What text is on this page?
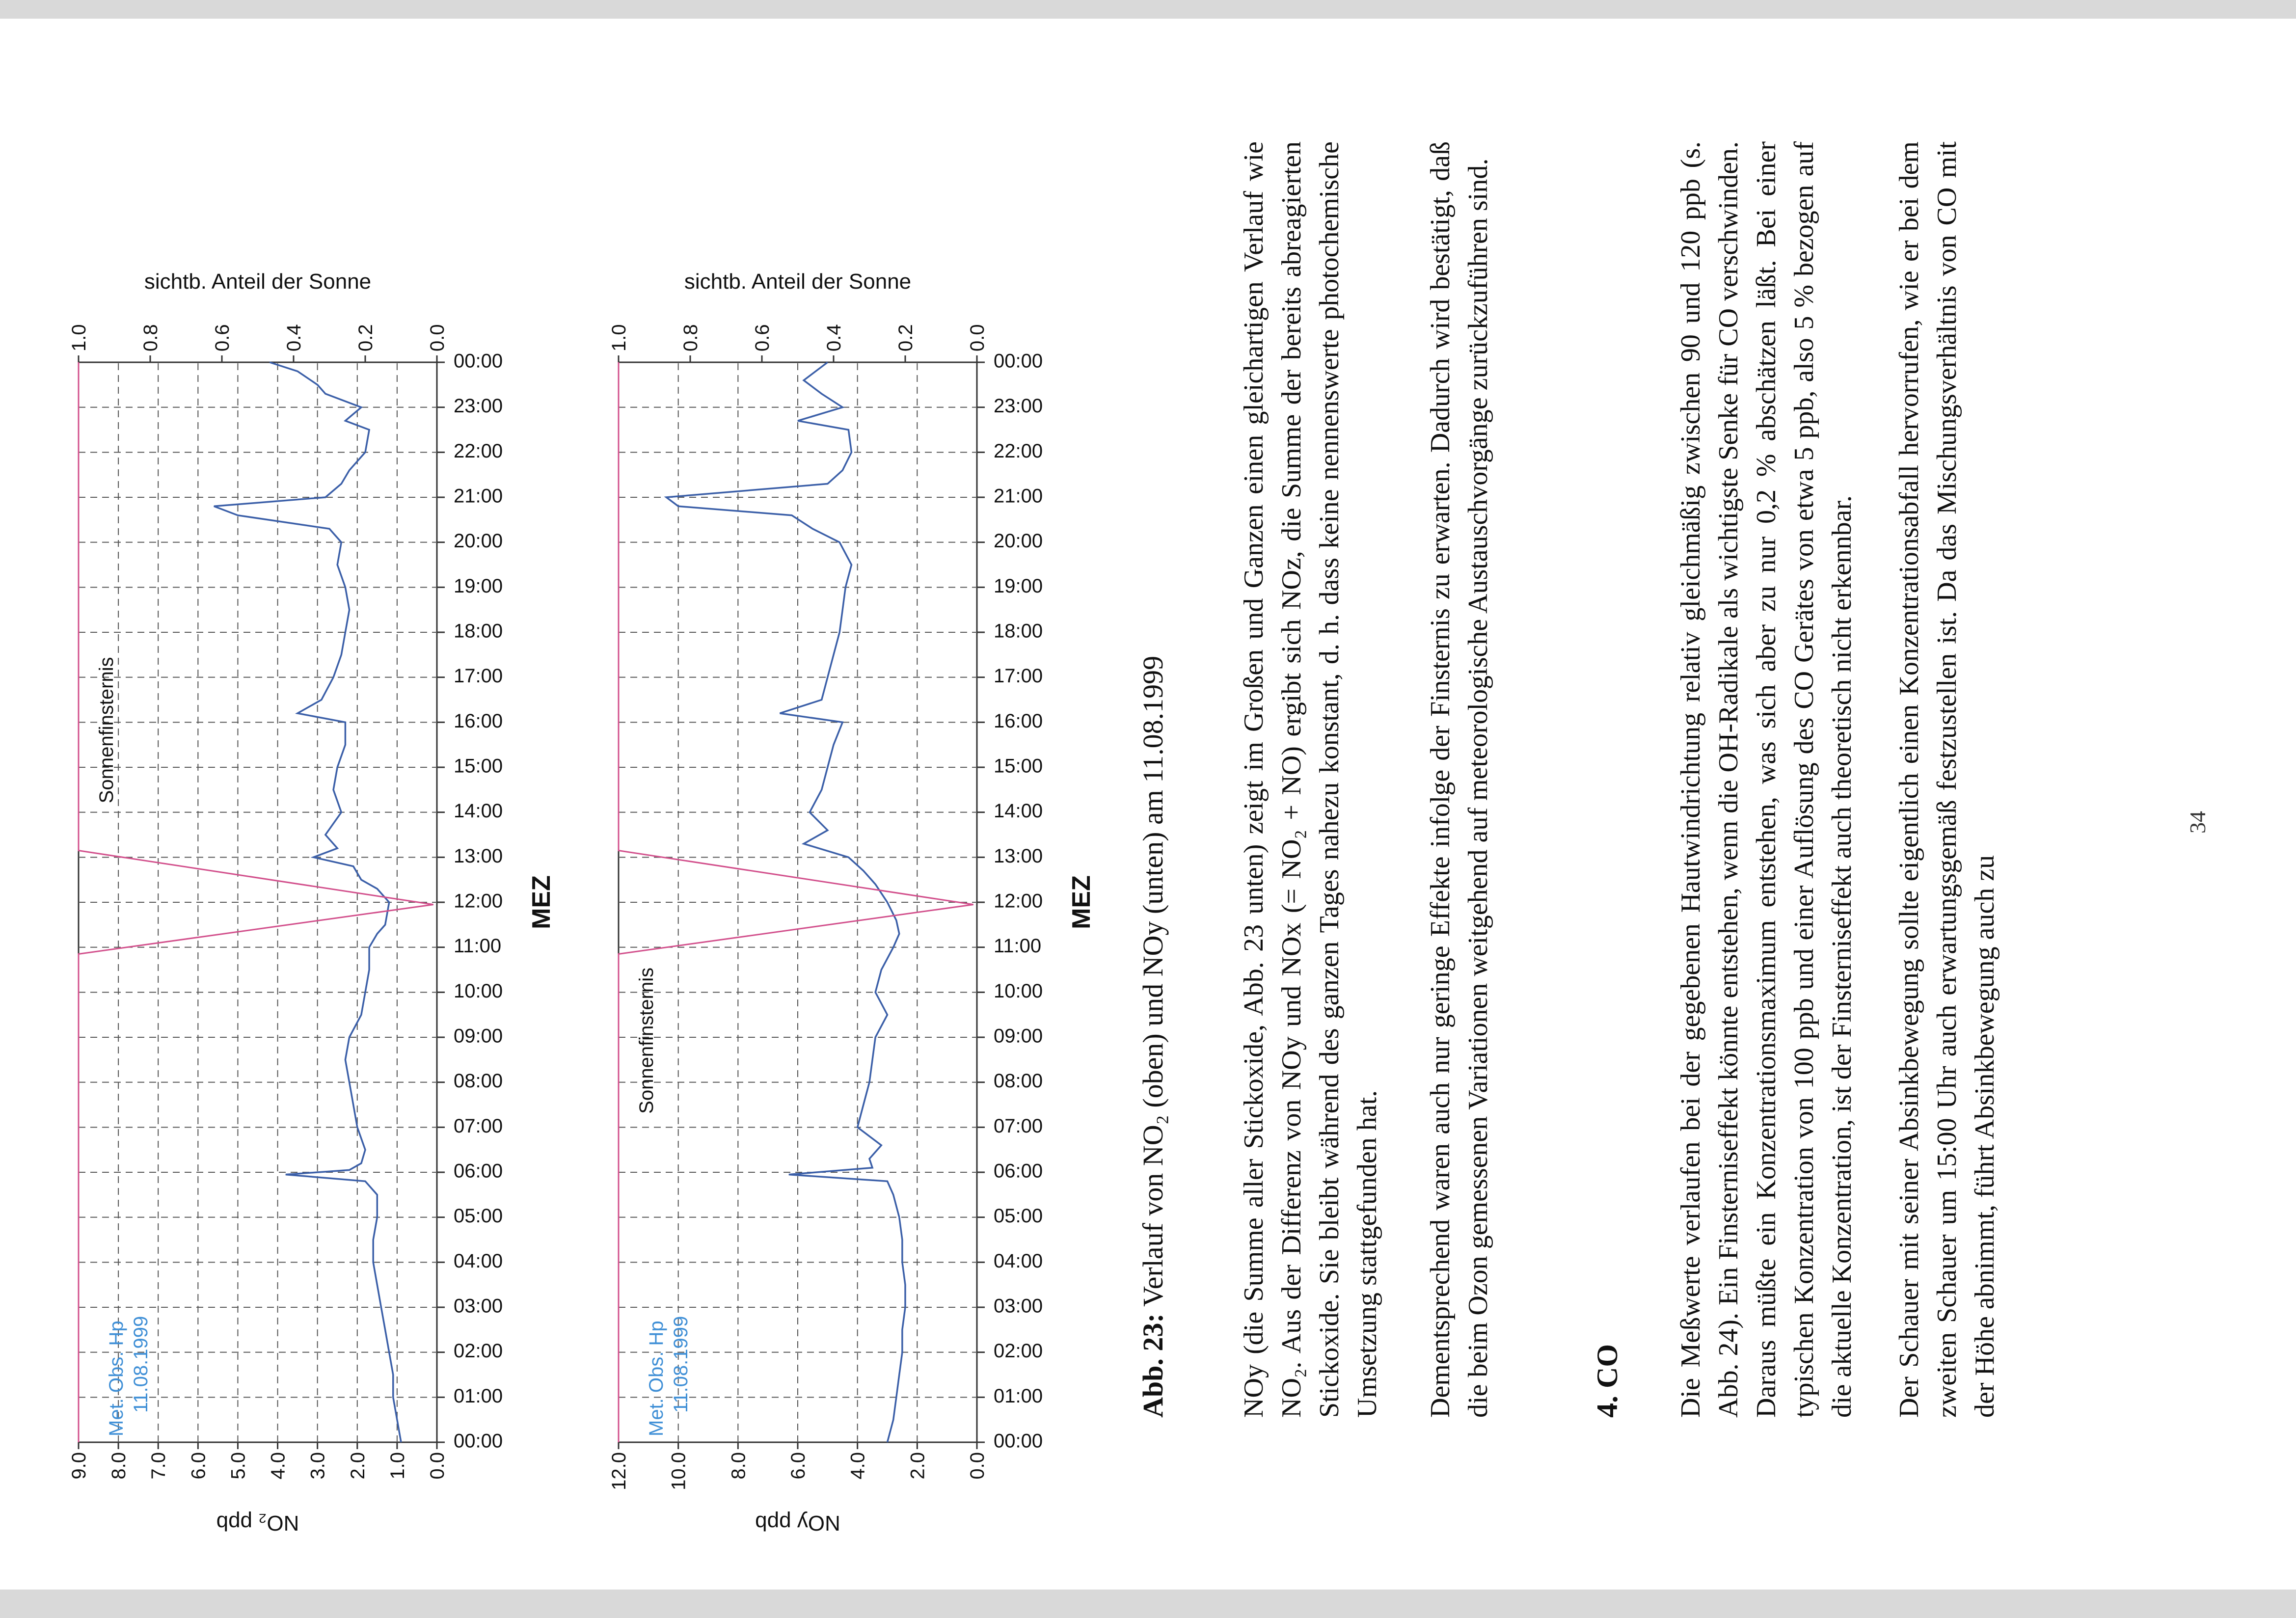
00:00
01:00
02:00
03:00
04:00
05:00
06:00
07:00
08:00
09:00
10:00
11:00
12:00
13:00
14:00
15:00
16:00
17:00
18:00
19:00
20:00
21:00
22:00
23:00
00:00
0.0
1.0
2.0
3.0
4.0
5.0
6.0
7.0
8.0
9.0
0.0
0.2
0.4
0.6
0.8
1.0
MEZ
NO₂ ppb
sichtb. Anteil der Sonne
Met. Obs. Hp 11.08.1999
Sonnenfinsternis
00:00
01:00
02:00
03:00
04:00
05:00
06:00
07:00
08:00
09:00
10:00
11:00
12:00
13:00
14:00
15:00
16:00
17:00
18:00
19:00
20:00
21:00
22:00
23:00
00:00
0.0
2.0
4.0
6.0
8.0
10.0
12.0
0.0
0.2
0.4
0.6
0.8
1.0
MEZ
NOy ppb
sichtb. Anteil der Sonne
Met. Obs. Hp 11.08.1999
Sonnenfinsternis
Abb. 23: Verlauf von NO₂ (oben) und NOy (unten) am 11.08.1999	NOy (die Summe aller Stickoxide, Abb. 23 unten) zeigt im Großen und Ganzen einen gleichartigen Verlauf wie NO₂. Aus der Differenz von NOy und NOx (= NO₂ + NO) ergibt sich NOz, die Summe der bereits abreagierten Stickoxide. Sie bleibt während des ganzen Tages nahezu konstant, d. h. dass keine nennenswerte photochemische Umsetzung stattgefunden hat. Dementsprechend waren auch nur geringe Effekte infolge der Finsternis zu erwarten. Dadurch wird bestätigt, daß die beim Ozon gemessenen Variationen weitgehend auf meteorologische Austauschvorgänge zurückzuführen sind.	4. CO Die Meßwerte verlaufen bei der gegebenen Hautwindrichtung relativ gleichmäßig zwischen 90 und 120 ppb (s. Abb. 24). Ein Finsterniseffekt könnte entstehen, wenn die OH-Radikale als wichtigste Senke für CO verschwinden. Daraus müßte ein Konzentrationsmaximum entstehen, was sich aber zu nur 0,2 % abschätzen läßt. Bei einer typischen Konzentration von 100 ppb und einer Auflösung des CO Gerätes von etwa 5 ppb, also 5 % bezogen auf die aktuelle Konzentration, ist der Finsterniseffekt auch theoretisch nicht erkennbar. Der Schauer mit seiner Absinkbewegung sollte eigentlich einen Konzentrationsabfall hervorrufen, wie er bei dem zweiten Schauer um 15:00 Uhr auch erwartungsgemäß festzustellen ist. Da das Mischungsverhältnis von CO mit der Höhe abnimmt, führt Absinkbewegung auch zu

34
